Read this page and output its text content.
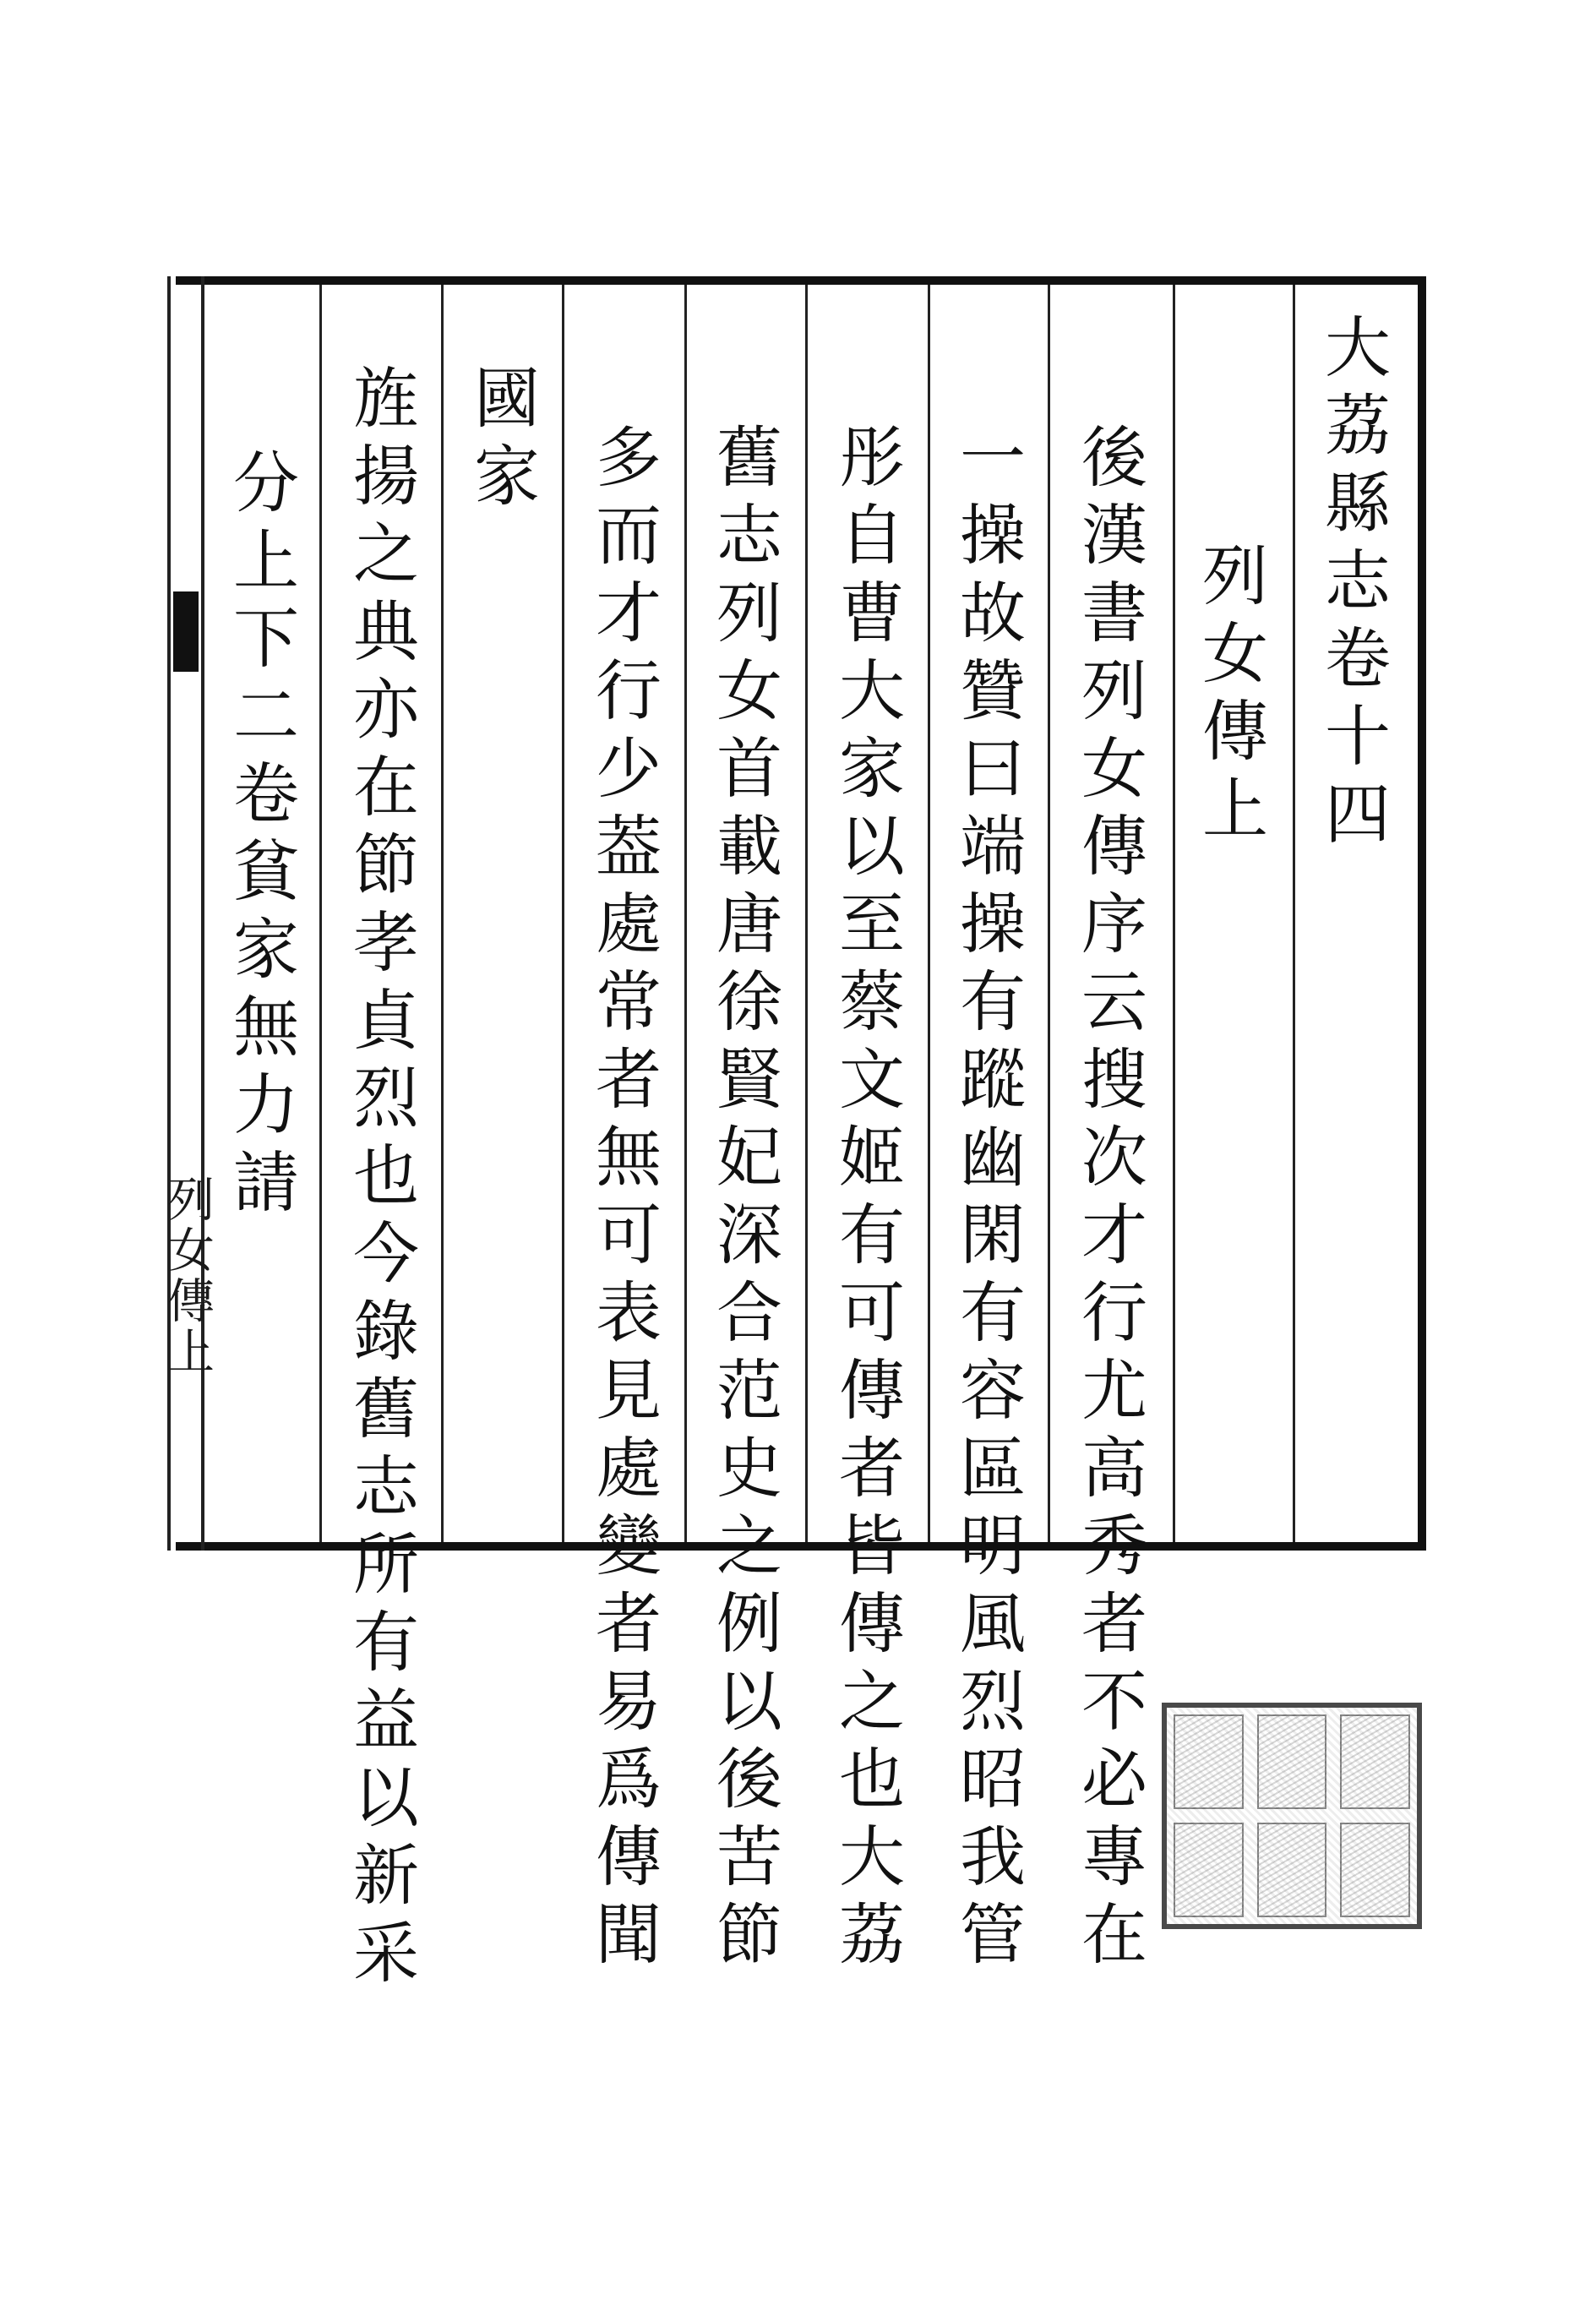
列女傳上
大荔縣志卷十四
列女傳上
後漢書列女傳序云搜次才行尤高秀者不必專在
一操故贊曰端操有蹤幽閑有容區明風烈昭我管
彤自曹大家以至蔡文姬有可傳者皆傳之也大荔
舊志列女首載唐徐賢妃深合范史之例以後苦節
多而才行少葢處常者無可表見處變者易爲傳聞
國家
旌揚之典亦在節孝貞烈也今錄舊志所有益以新采
分上下二卷貧家無力請
